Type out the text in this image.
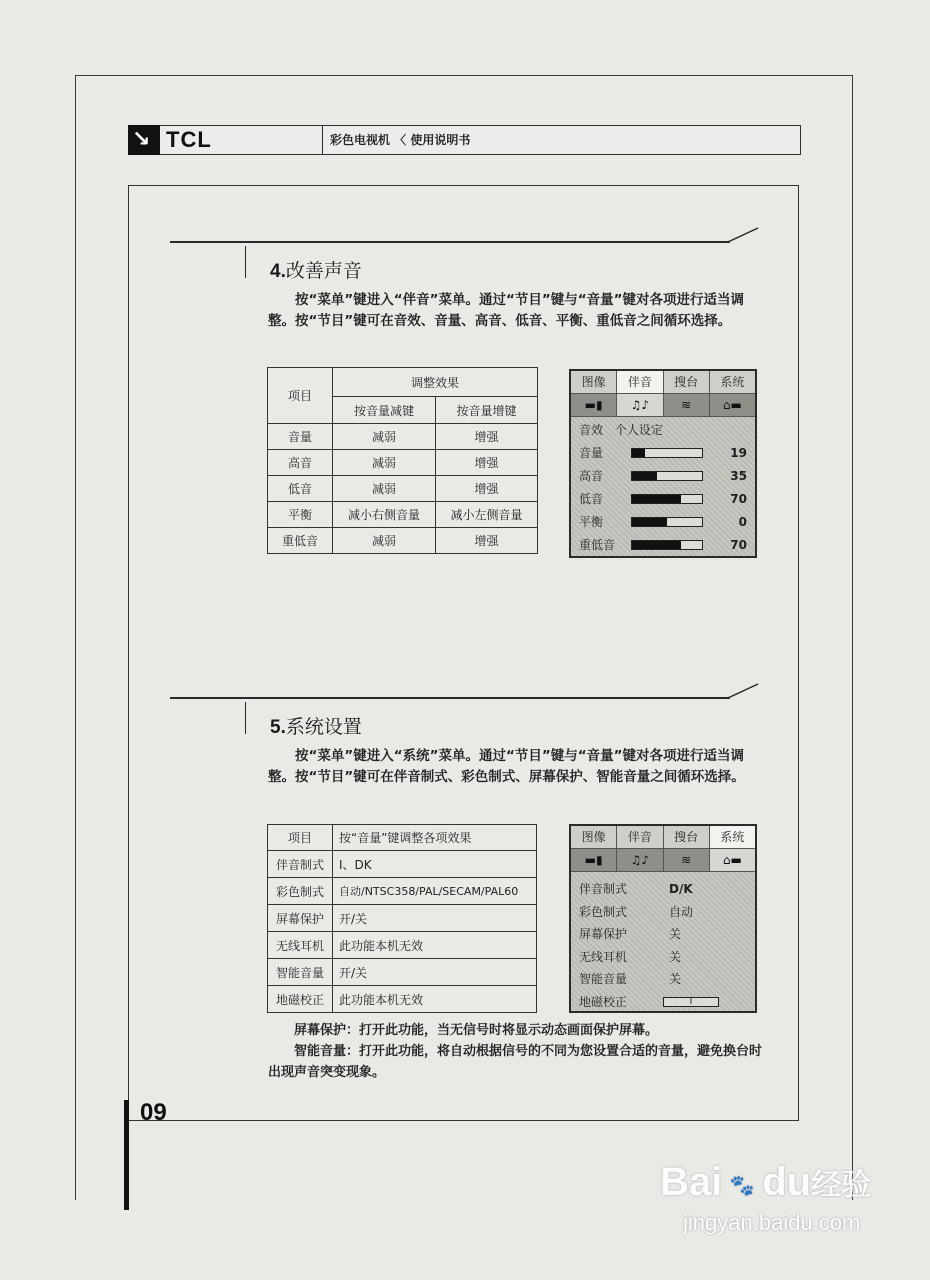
↘ TCL	彩色电视机 〈 使用说明书
4.改善声音
按“菜单”键进入“伴音”菜单。通过“节目”键与“音量”键对各项进行适当调整。按“节目”键可在音效、音量、高音、低音、平衡、重低音之间循环选择。
项目	调整效果	
	按音量减键	按音量增键
音量	减弱	增强
高音	减弱	增强
低音	减弱	增强
平衡	减小右侧音量	减小左侧音量
重低音	减弱	增强
图像	伴音	搜台	系统
▬▮	♫♪	≋	⌂▬
音效 个人设定
音量	19
高音	35
低音	70
平衡	0
重低音	70
5.系统设置
按“菜单”键进入“系统”菜单。通过“节目”键与“音量”键对各项进行适当调整。按“节目”键可在伴音制式、彩色制式、屏幕保护、智能音量之间循环选择。
项目	按“音量”键调整各项效果
伴音制式	I、DK
彩色制式	自动/NTSC358/PAL/SECAM/PAL60
屏幕保护	开/关
无线耳机	此功能本机无效
智能音量	开/关
地磁校正	此功能本机无效
图像	伴音	搜台	系统
▬▮	♫♪	≋	⌂▬
伴音制式	D/K
彩色制式	自动
屏幕保护	关
无线耳机	关
智能音量	关
地磁校正	I
屏幕保护：打开此功能，当无信号时将显示动态画面保护屏幕。
智能音量：打开此功能，将自动根据信号的不同为您设置合适的音量，避免换台时出现声音突变现象。
09
Bai 🐾 du经验
jingyan.baidu.com
